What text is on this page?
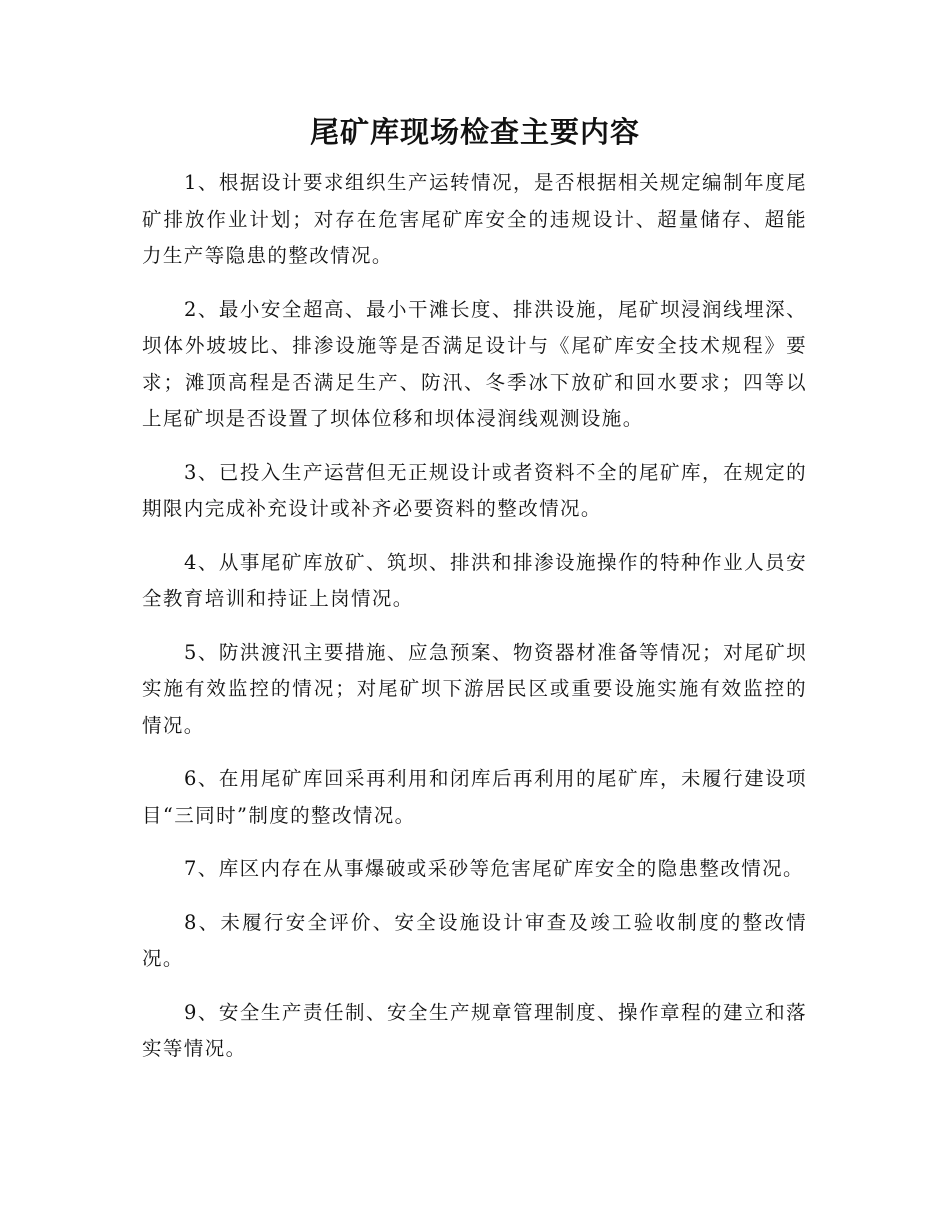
尾矿库现场检查主要内容

1、根据设计要求组织生产运转情况，是否根据相关规定编制年度尾矿排放作业计划；对存在危害尾矿库安全的违规设计、超量储存、超能力生产等隐患的整改情况。

2、最小安全超高、最小干滩长度、排洪设施，尾矿坝浸润线埋深、坝体外坡坡比、排渗设施等是否满足设计与《尾矿库安全技术规程》要求；滩顶高程是否满足生产、防汛、冬季冰下放矿和回水要求；四等以上尾矿坝是否设置了坝体位移和坝体浸润线观测设施。

3、已投入生产运营但无正规设计或者资料不全的尾矿库，在规定的期限内完成补充设计或补齐必要资料的整改情况。

4、从事尾矿库放矿、筑坝、排洪和排渗设施操作的特种作业人员安全教育培训和持证上岗情况。

5、防洪渡汛主要措施、应急预案、物资器材准备等情况；对尾矿坝实施有效监控的情况；对尾矿坝下游居民区或重要设施实施有效监控的情况。

6、在用尾矿库回采再利用和闭库后再利用的尾矿库，未履行建设项目“三同时”制度的整改情况。

7、库区内存在从事爆破或采砂等危害尾矿库安全的隐患整改情况。

8、未履行安全评价、安全设施设计审查及竣工验收制度的整改情况。

9、安全生产责任制、安全生产规章管理制度、操作章程的建立和落实等情况。
